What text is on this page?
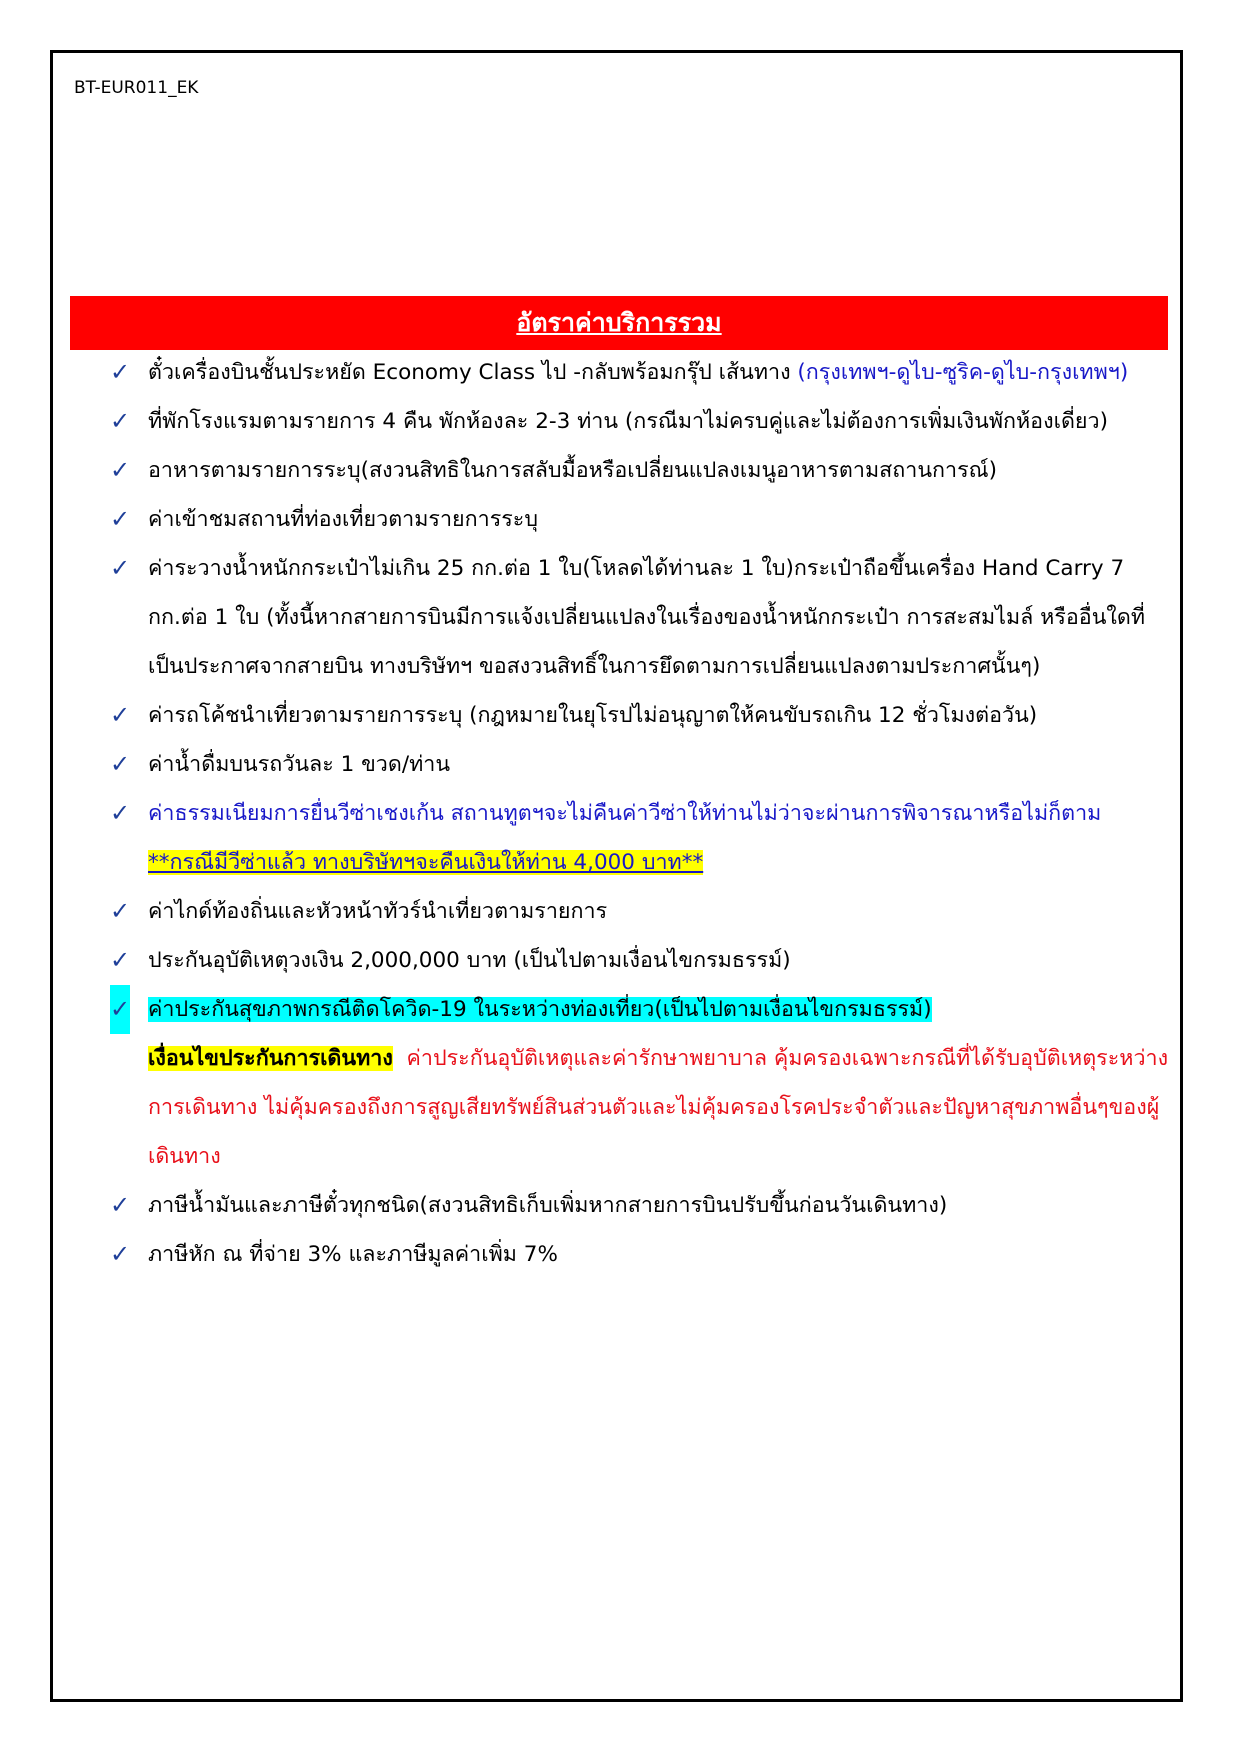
BT-EUR011_EK
อัตราค่าบริการรวม
✓ ตั๋วเครื่องบินชั้นประหยัด Economy Class ไป -กลับพร้อมกรุ๊ป เส้นทาง (กรุงเทพฯ-ดูไบ-ซูริค-ดูไบ-กรุงเทพฯ)
✓ ที่พักโรงแรมตามรายการ 4 คืน พักห้องละ 2-3 ท่าน (กรณีมาไม่ครบคู่และไม่ต้องการเพิ่มเงินพักห้องเดี่ยว)
✓ อาหารตามรายการระบุ(สงวนสิทธิในการสลับมื้อหรือเปลี่ยนแปลงเมนูอาหารตามสถานการณ์)
✓ ค่าเข้าชมสถานที่ท่องเที่ยวตามรายการระบุ
✓ ค่าระวางน้ำหนักกระเป๋าไม่เกิน 25 กก.ต่อ 1 ใบ(โหลดได้ท่านละ 1 ใบ)กระเป๋าถือขึ้นเครื่อง Hand Carry 7 กก.ต่อ 1 ใบ (ทั้งนี้หากสายการบินมีการแจ้งเปลี่ยนแปลงในเรื่องของน้ำหนักกระเป๋า การสะสมไมล์ หรืออื่นใดที่เป็นประกาศจากสายบิน ทางบริษัทฯ ขอสงวนสิทธิ์ในการยึดตามการเปลี่ยนแปลงตามประกาศนั้นๆ)
✓ ค่ารถโค้ชนำเที่ยวตามรายการระบุ (กฎหมายในยุโรปไม่อนุญาตให้คนขับรถเกิน 12 ชั่วโมงต่อวัน)
✓ ค่าน้ำดื่มบนรถวันละ 1 ขวด/ท่าน
✓ ค่าธรรมเนียมการยื่นวีซ่าเชงเก้น สถานทูตฯจะไม่คืนค่าวีซ่าให้ท่านไม่ว่าจะผ่านการพิจารณาหรือไม่ก็ตาม
**กรณีมีวีซ่าแล้ว ทางบริษัทฯจะคืนเงินให้ท่าน 4,000 บาท**
✓ ค่าไกด์ท้องถิ่นและหัวหน้าทัวร์นำเที่ยวตามรายการ
✓ ประกันอุบัติเหตุวงเงิน 2,000,000 บาท (เป็นไปตามเงื่อนไขกรมธรรม์)
✓ ค่าประกันสุขภาพกรณีติดโควิด-19 ในระหว่างท่องเที่ยว(เป็นไปตามเงื่อนไขกรมธรรม์)
เงื่อนไขประกันการเดินทาง ค่าประกันอุบัติเหตุและค่ารักษาพยาบาล คุ้มครองเฉพาะกรณีที่ได้รับอุบัติเหตุระหว่างการเดินทาง ไม่คุ้มครองถึงการสูญเสียทรัพย์สินส่วนตัวและไม่คุ้มครองโรคประจำตัวและปัญหาสุขภาพอื่นๆของผู้เดินทาง
✓ ภาษีน้ำมันและภาษีตั๋วทุกชนิด(สงวนสิทธิเก็บเพิ่มหากสายการบินปรับขึ้นก่อนวันเดินทาง)
✓ ภาษีหัก ณ ที่จ่าย 3% และภาษีมูลค่าเพิ่ม 7%
